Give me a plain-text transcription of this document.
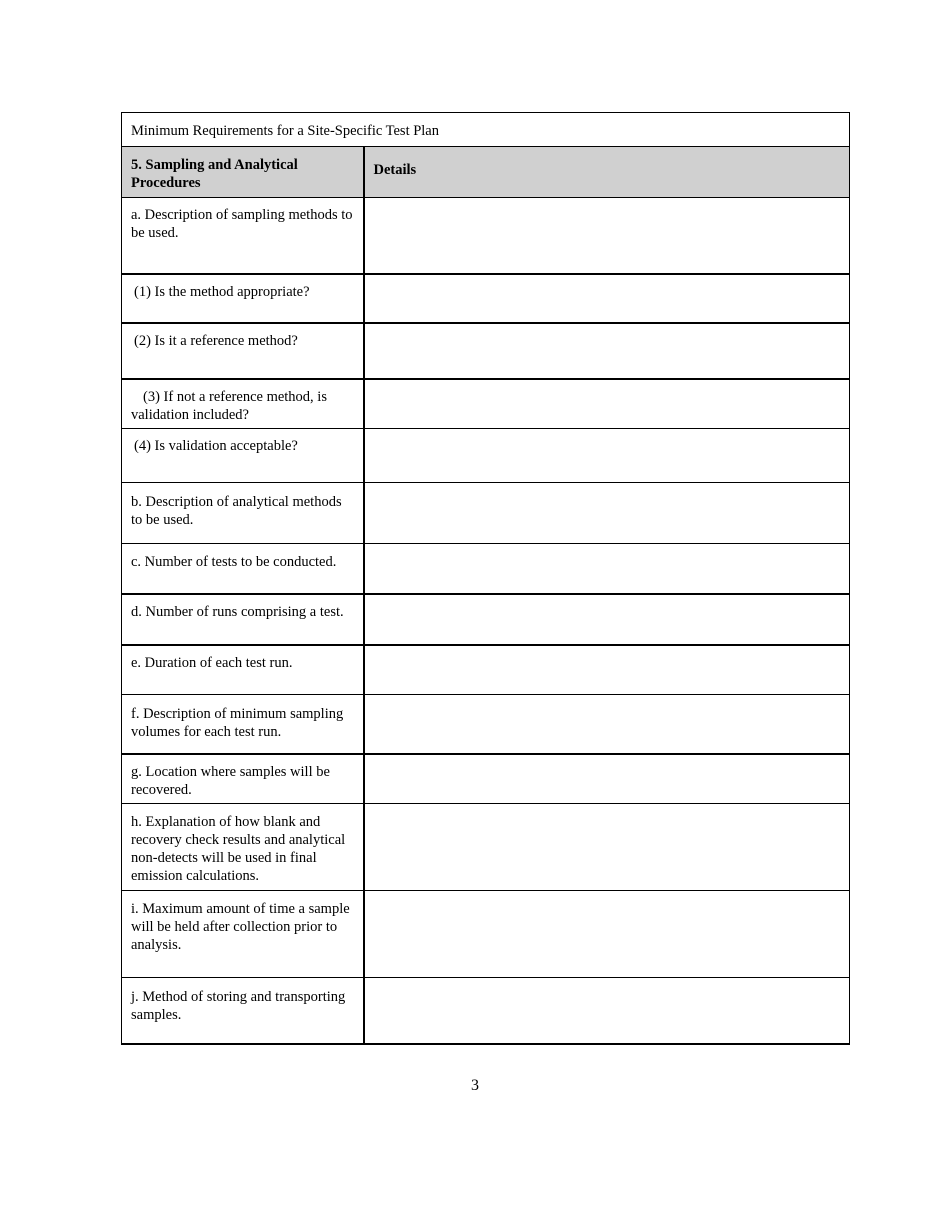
Minimum Requirements for a Site-Specific Test Plan	

5. Sampling and Analytical Procedures	Details

a. Description of sampling methods to be used.	

(1) Is the method appropriate?	

(2) Is it a reference method?	

(3) If not a reference method, is validation included?	

(4) Is validation acceptable?	

b. Description of analytical methods to be used.	

c. Number of tests to be conducted.	

d. Number of runs comprising a test.	

e. Duration of each test run.	

f. Description of minimum sampling volumes for each test run.	

g. Location where samples will be recovered.	

h. Explanation of how blank and recovery check results and analytical non-detects will be used in final emission calculations.	

i. Maximum amount of time a sample will be held after collection prior to analysis.	

j. Method of storing and transporting samples.	

3
